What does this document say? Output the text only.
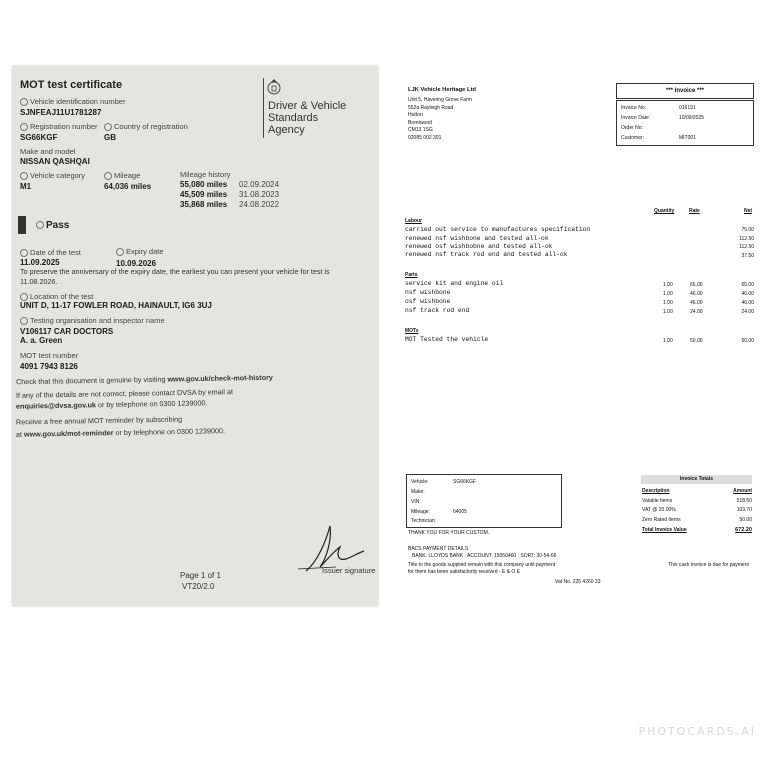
MOT test certificate
Driver & Vehicle
Standards
Agency
Vehicle identification number
SJNFEAJ11U1781287
Registration number
SG66KGF
Country of registration
GB
Make and model
NISSAN QASHQAI
Vehicle category
M1
Mileage
64,036 miles
Mileage history
55,080 miles 02.09.2024
45,509 miles 31.08.2023
35,868 miles 24.08.2022
Pass
Date of the test
11.09.2025
Expiry date
10.09.2026
To preserve the anniversary of the expiry date, the earliest you can present your vehicle for test is
11.08.2026.
Location of the test
UNIT D, 11-17 FOWLER ROAD, HAINAULT, IG6 3UJ
Testing organisation and inspector name
V106117 CAR DOCTORS
A. a. Green
MOT test number
4091 7943 8126
Check that this document is genuine by visiting www.gov.uk/check-mot-history
If any of the details are not correct, please contact DVSA by email at
enquiries@dvsa.gov.uk or by telephone on 0300 1239000.
Receive a free annual MOT reminder by subscribing
at www.gov.uk/mot-reminder or by telephone on 0300 1239000.
Issuer signature
Page 1 of 1
VT20/2.0
LJK Vehicle Heritage Ltd
Unit 5, Havering Grove Farm
552a Rayleigh Road
Hutton
Brentwood
CM13 1SG
02085 002 301
*** Invoice ***
Invoice No:	016191
Invoice Date:	10/09/2025
Order No:
Customer:	MIT001
Quantity	Rate	Net
Labour
carried out service to manufactures specification	75.00
renewed nsf wishbone and tested all-ok	112.50
renewed osf wishbobne and tested all-ok	112.50
renewed nsf track rod end and tested all-ok	37.50
Parts
service kit and engine oil	1.00	65.00	65.00
nsf wishbone	1.00	46.00	46.00
osf wishbone	1.00	46.00	46.00
nsf track rod end	1.00	24.00	24.00
MOTs
MOT Tested the vehicle	1.00	50.00	50.00
Vehicle:	SG66KGF
Make:
VIN:
Mileage:	64005
Technician:
THANK YOU FOR YOUR CUSTOM.
BACS PAYMENT DETAILS
BANK: LLOYDS BANK : ACCOUNT: 15050460 : SORT: 30-54-66
Title to the goods supplied remain with this company until payment
for them has been satisfactorily received - E & O E
This cash invoice is due for payment
Vat No. 225 4260 33
Invoice Totals
Description	Amount
Vatable Items	518.50
VAT @ 20.00%	103.70
Zero Rated Items	50.00
Total Invoice Value	672.20
PHOTOCARDS.AI
